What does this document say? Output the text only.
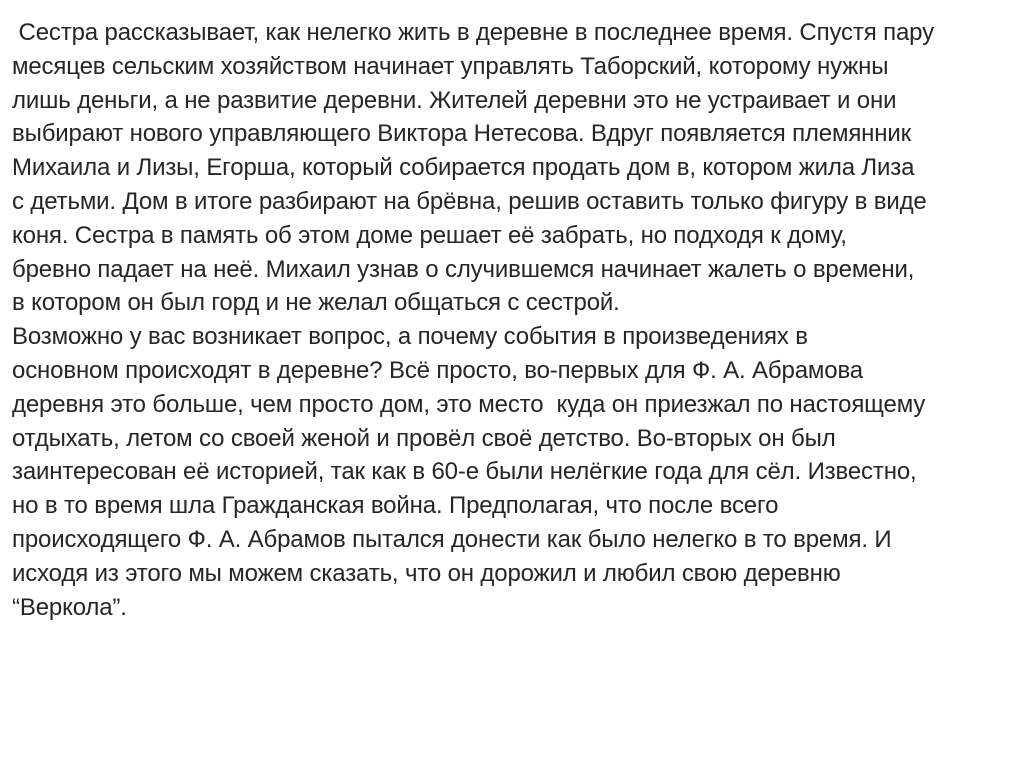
Сестра рассказывает, как нелегко жить в деревне в последнее время. Спустя пару
месяцев сельским хозяйством начинает управлять Таборский, которому нужны
лишь деньги, а не развитие деревни. Жителей деревни это не устраивает и они
выбирают нового управляющего Виктора Нетесова. Вдруг появляется племянник
Михаила и Лизы, Егорша, который собирается продать дом в, котором жила Лиза
с детьми. Дом в итоге разбирают на брёвна, решив оставить только фигуру в виде
коня. Сестра в память об этом доме решает её забрать, но подходя к дому,
бревно падает на неё. Михаил узнав о случившемся начинает жалеть о времени,
в котором он был горд и не желал общаться с сестрой.
Возможно у вас возникает вопрос, а почему события в произведениях в
основном происходят в деревне? Всё просто, во-первых для Ф. А. Абрамова
деревня это больше, чем просто дом, это место  куда он приезжал по настоящему
отдыхать, летом со своей женой и провёл своё детство. Во-вторых он был
заинтересован её историей, так как в 60-е были нелёгкие года для сёл. Известно,
но в то время шла Гражданская война. Предполагая, что после всего
происходящего Ф. А. Абрамов пытался донести как было нелегко в то время. И
исходя из этого мы можем сказать, что он дорожил и любил свою деревню
“Веркола”.
